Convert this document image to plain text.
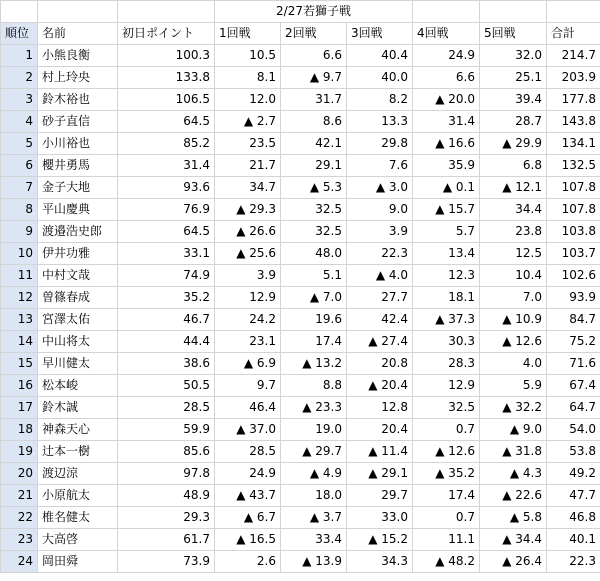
			2/27若獅子戦					
順位	名前	初日ポイント	1回戦	2回戦	3回戦	4回戦	5回戦	合計
1	小熊良衡	100.3	10.5	6.6	40.4	24.9	32.0	214.7
2	村上玲央	133.8	8.1	▲ 9.7	40.0	6.6	25.1	203.9
3	鈴木裕也	106.5	12.0	31.7	8.2	▲ 20.0	39.4	177.8
4	砂子直信	64.5	▲ 2.7	8.6	13.3	31.4	28.7	143.8
5	小川裕也	85.2	23.5	42.1	29.8	▲ 16.6	▲ 29.9	134.1
6	櫻井勇馬	31.4	21.7	29.1	7.6	35.9	6.8	132.5
7	金子大地	93.6	34.7	▲ 5.3	▲ 3.0	▲ 0.1	▲ 12.1	107.8
8	平山慶典	76.9	▲ 29.3	32.5	9.0	▲ 15.7	34.4	107.8
9	渡邉浩史郎	64.5	▲ 26.6	32.5	3.9	5.7	23.8	103.8
10	伊井功雅	33.1	▲ 25.6	48.0	22.3	13.4	12.5	103.7
11	中村文哉	74.9	3.9	5.1	▲ 4.0	12.3	10.4	102.6
12	曽篠春成	35.2	12.9	▲ 7.0	27.7	18.1	7.0	93.9
13	宮澤太佑	46.7	24.2	19.6	42.4	▲ 37.3	▲ 10.9	84.7
14	中山将太	44.4	23.1	17.4	▲ 27.4	30.3	▲ 12.6	75.2
15	早川健太	38.6	▲ 6.9	▲ 13.2	20.8	28.3	4.0	71.6
16	松本峻	50.5	9.7	8.8	▲ 20.4	12.9	5.9	67.4
17	鈴木誠	28.5	46.4	▲ 23.3	12.8	32.5	▲ 32.2	64.7
18	神森天心	59.9	▲ 37.0	19.0	20.4	0.7	▲ 9.0	54.0
19	辻本一樹	85.6	28.5	▲ 29.7	▲ 11.4	▲ 12.6	▲ 31.8	53.8
20	渡辺涼	97.8	24.9	▲ 4.9	▲ 29.1	▲ 35.2	▲ 4.3	49.2
21	小原航太	48.9	▲ 43.7	18.0	29.7	17.4	▲ 22.6	47.7
22	椎名健太	29.3	▲ 6.7	▲ 3.7	33.0	0.7	▲ 5.8	46.8
23	大高啓	61.7	▲ 16.5	33.4	▲ 15.2	11.1	▲ 34.4	40.1
24	岡田舜	73.9	2.6	▲ 13.9	34.3	▲ 48.2	▲ 26.4	22.3
